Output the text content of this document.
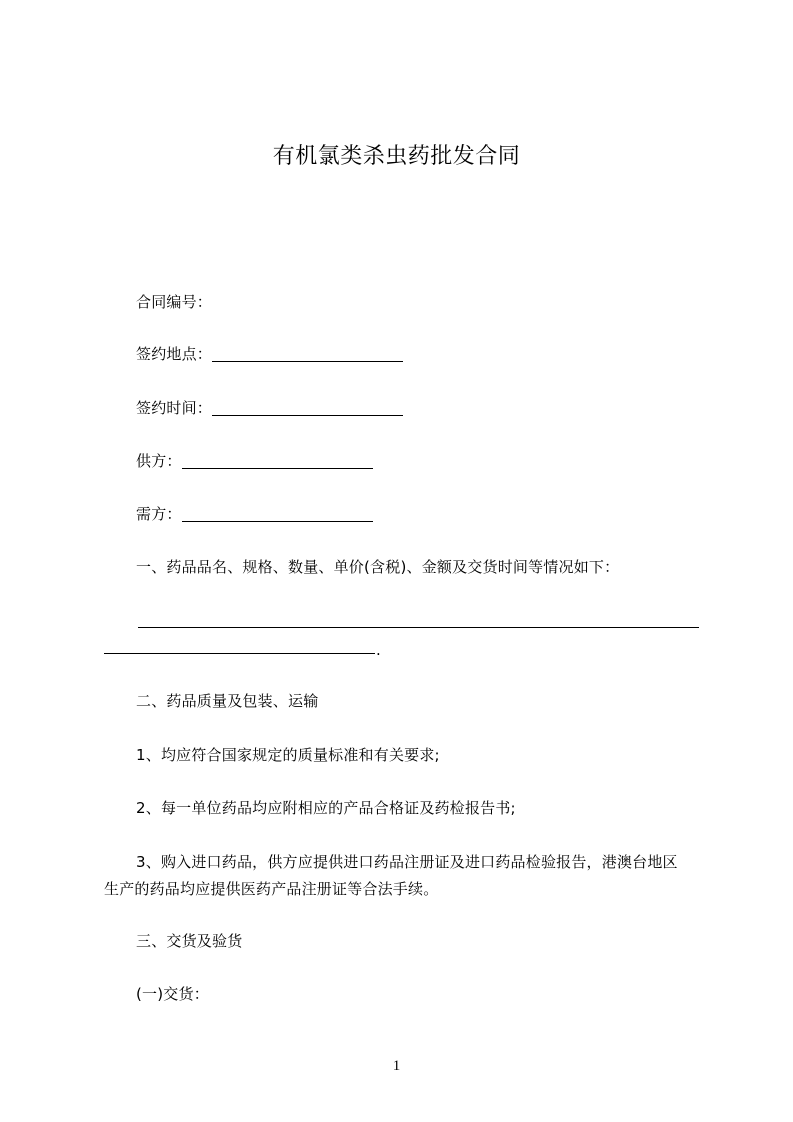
有机氯类杀虫药批发合同
合同编号：
签约地点：
签约时间：
供方：
需方：
一、药品品名、规格、数量、单价(含税)、金额及交货时间等情况如下：
.
二、药品质量及包装、运输
1、均应符合国家规定的质量标准和有关要求;
2、每一单位药品均应附相应的产品合格证及药检报告书;
3、购入进口药品，供方应提供进口药品注册证及进口药品检验报告，港澳台地区
生产的药品均应提供医药产品注册证等合法手续。
三、交货及验货
(一)交货：
1
